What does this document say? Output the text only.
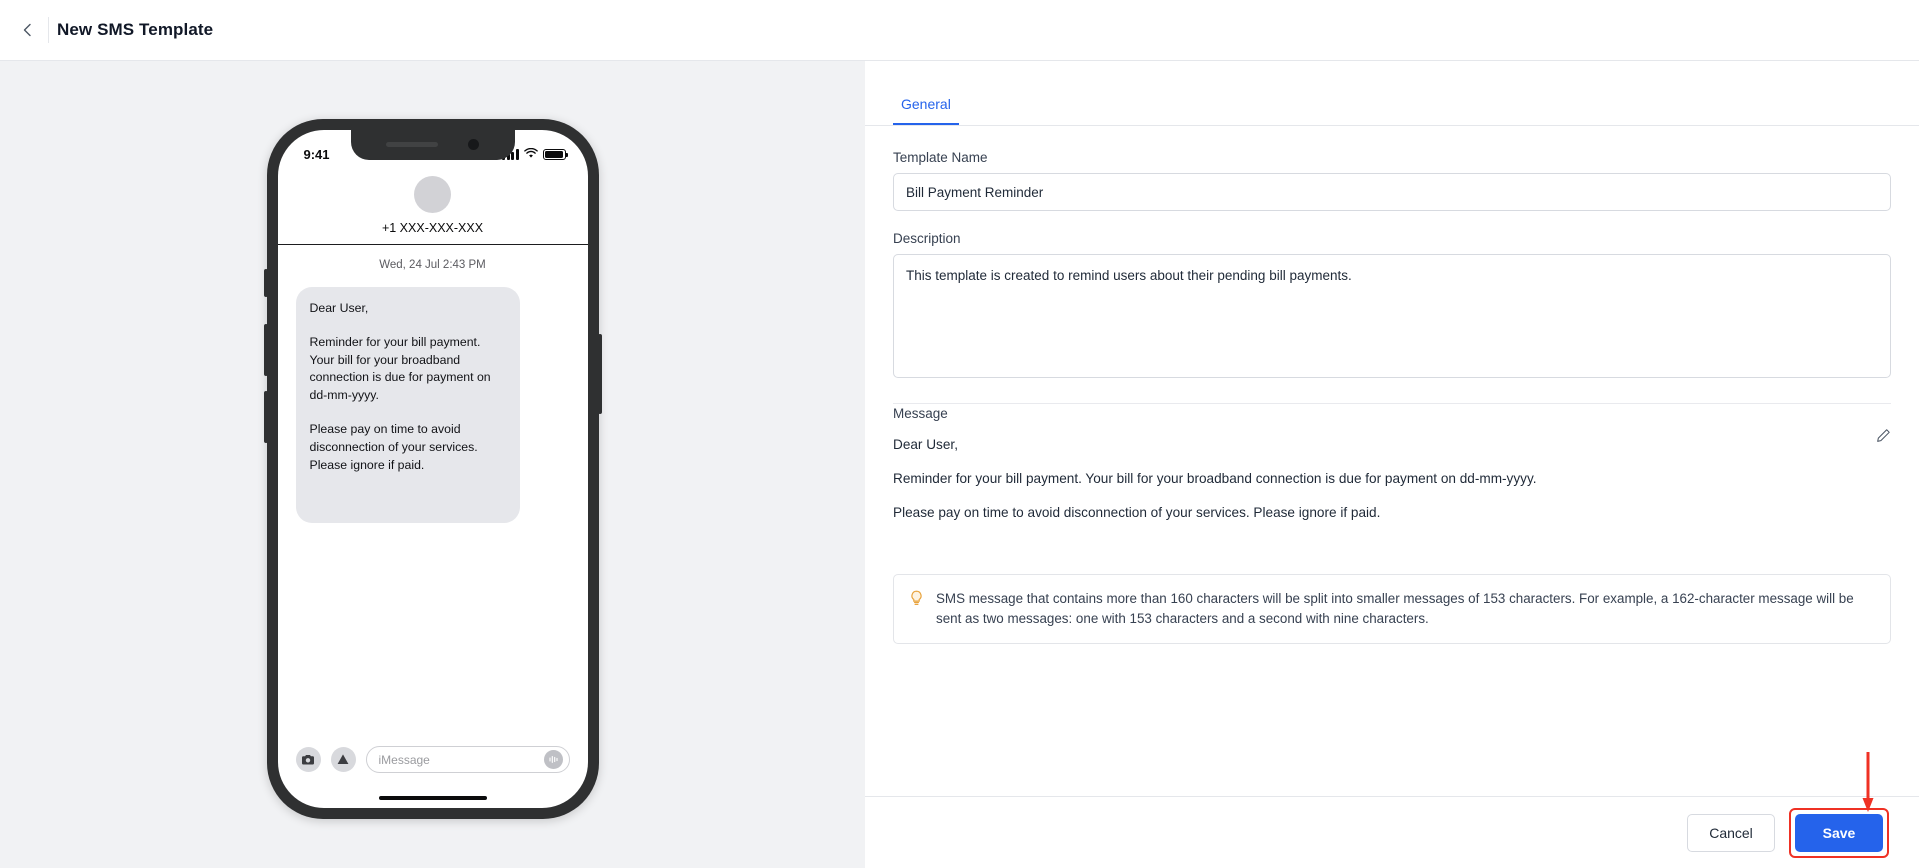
New SMS Template
9:41
+1 XXX-XXX-XXX
Wed, 24 Jul 2:43 PM

Dear User,

Reminder for your bill payment. Your bill for your broadband connection is due for payment on dd-mm-yyyy.

Please pay on time to avoid disconnection of your services. Please ignore if paid.

iMessage
General
Template Name
Bill Payment Reminder
Description
This template is created to remind users about their pending bill payments.
Message

Dear User,

Reminder for your bill payment. Your bill for your broadband connection is due for payment on dd-mm-yyyy.

Please pay on time to avoid disconnection of your services. Please ignore if paid.

SMS message that contains more than 160 characters will be split into smaller messages of 153 characters. For example, a 162-character message will be sent as two messages: one with 153 characters and a second with nine characters.
Cancel	Save
